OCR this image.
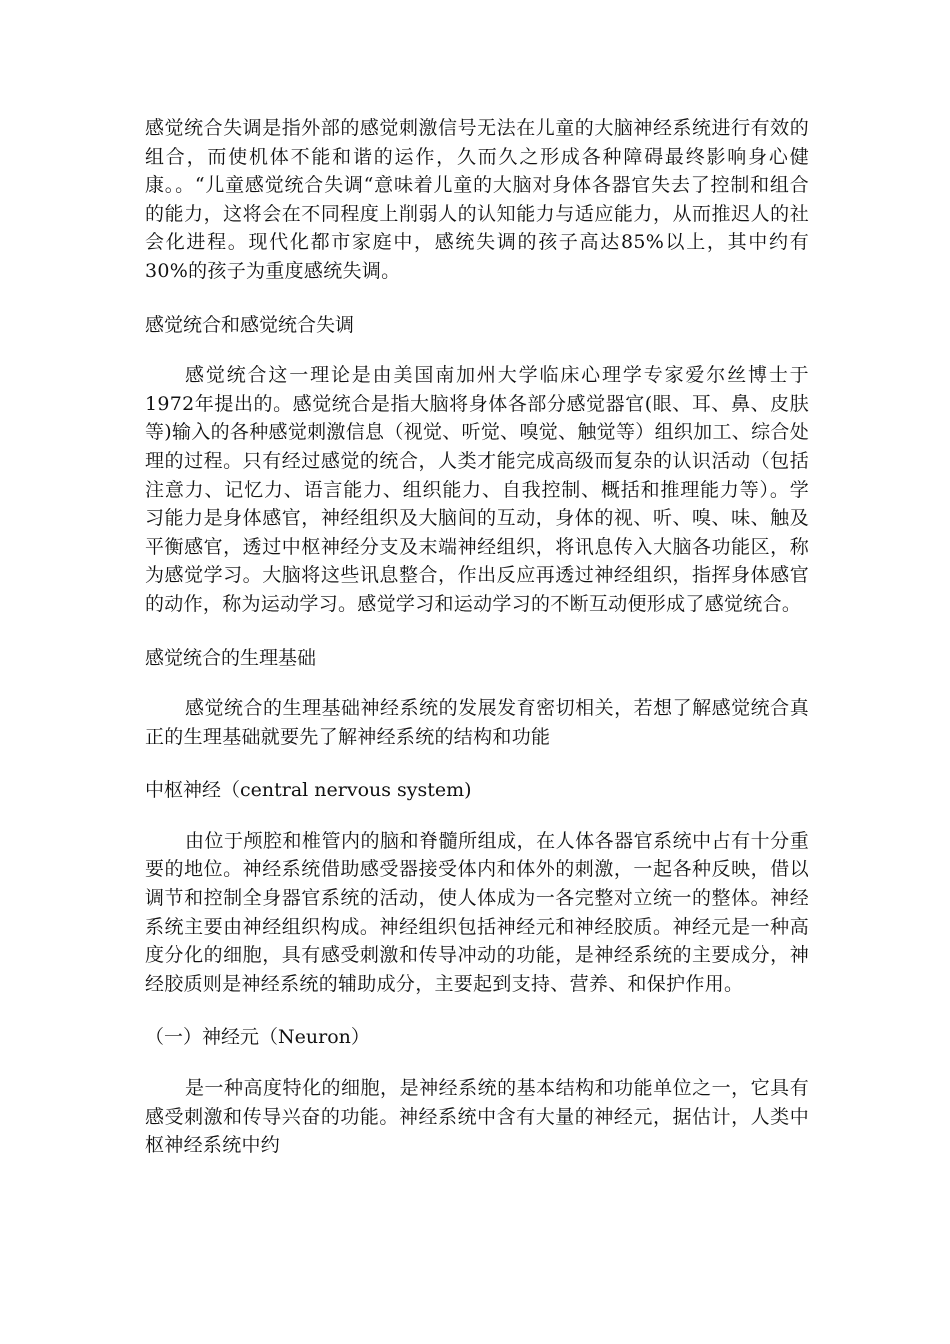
感觉统合失调是指外部的感觉刺激信号无法在儿童的大脑神经系统进行有效的组合，而使机体不能和谐的运作，久而久之形成各种障碍最终影响身心健康。。“儿童感觉统合失调“意味着儿童的大脑对身体各器官失去了控制和组合的能力，这将会在不同程度上削弱人的认知能力与适应能力，从而推迟人的社会化进程。现代化都市家庭中，感统失调的孩子高达85%以上，其中约有30%的孩子为重度感统失调。

感觉统合和感觉统合失调

感觉统合这一理论是由美国南加州大学临床心理学专家爱尔丝博士于1972年提出的。感觉统合是指大脑将身体各部分感觉器官(眼、耳、鼻、皮肤等)输入的各种感觉刺激信息（视觉、听觉、嗅觉、触觉等）组织加工、综合处理的过程。只有经过感觉的统合，人类才能完成高级而复杂的认识活动（包括注意力、记忆力、语言能力、组织能力、自我控制、概括和推理能力等）。学习能力是身体感官，神经组织及大脑间的互动，身体的视、听、嗅、味、触及平衡感官，透过中枢神经分支及末端神经组织，将讯息传入大脑各功能区，称为感觉学习。大脑将这些讯息整合，作出反应再透过神经组织，指挥身体感官的动作，称为运动学习。感觉学习和运动学习的不断互动便形成了感觉统合。

感觉统合的生理基础

感觉统合的生理基础神经系统的发展发育密切相关，若想了解感觉统合真正的生理基础就要先了解神经系统的结构和功能

中枢神经（central nervous system)

由位于颅腔和椎管内的脑和脊髓所组成，在人体各器官系统中占有十分重要的地位。神经系统借助感受器接受体内和体外的刺激，一起各种反映，借以调节和控制全身器官系统的活动，使人体成为一各完整对立统一的整体。神经系统主要由神经组织构成。神经组织包括神经元和神经胶质。神经元是一种高度分化的细胞，具有感受刺激和传导冲动的功能，是神经系统的主要成分，神经胶质则是神经系统的辅助成分，主要起到支持、营养、和保护作用。

（一）神经元（Neuron）

是一种高度特化的细胞，是神经系统的基本结构和功能单位之一，它具有感受刺激和传导兴奋的功能。神经系统中含有大量的神经元，据估计，人类中枢神经系统中约
